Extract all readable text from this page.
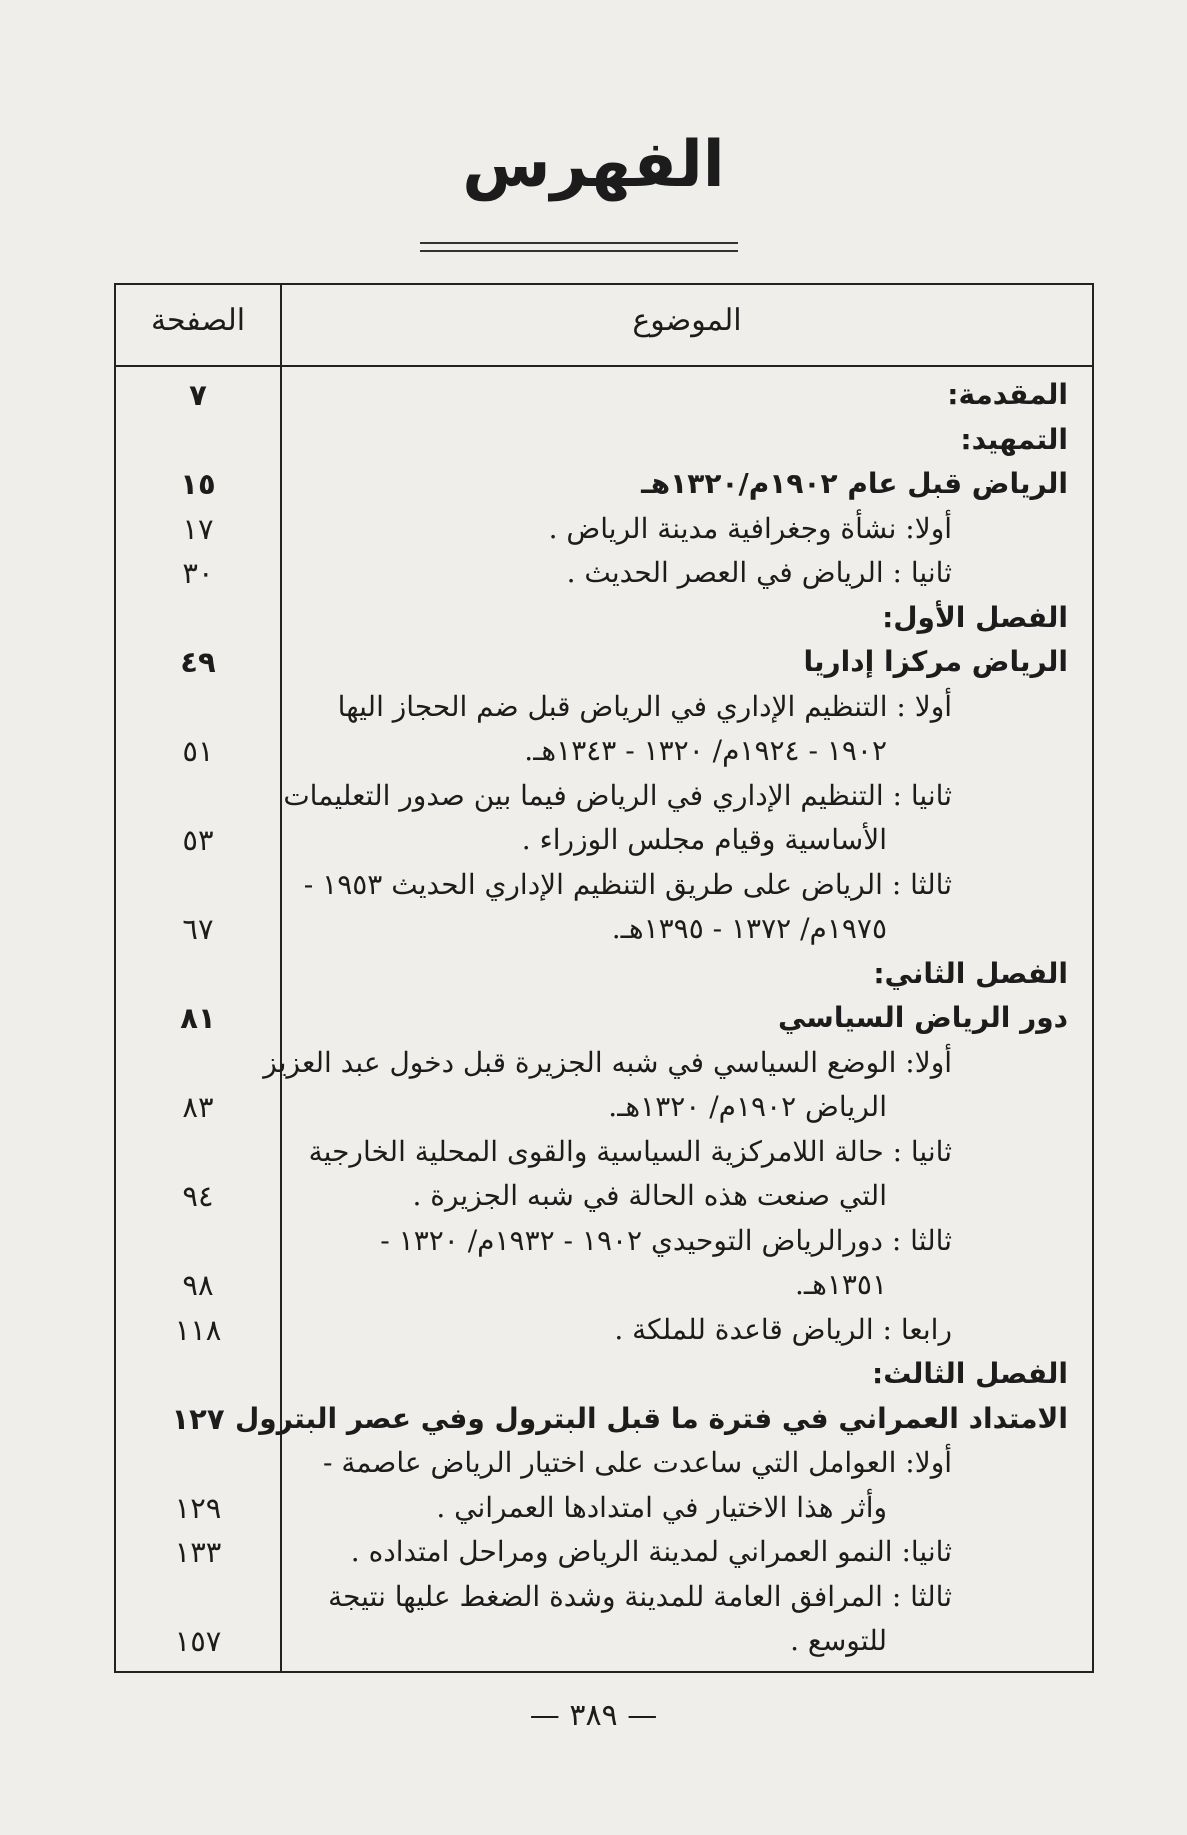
الفهرس
الموضوع
الصفحة
المقدمة:
٧
التمهيد:
الرياض قبل عام ١٩٠٢م/١٣٢٠هـ
١٥
أولا: نشأة وجغرافية مدينة الرياض .
١٧
ثانيا : الرياض في العصر الحديث .
٣٠
الفصل الأول:
الرياض مركزا إداريا
٤٩
أولا : التنظيم الإداري في الرياض قبل ضم الحجاز اليها
١٩٠٢ - ١٩٢٤م/ ١٣٢٠ - ١٣٤٣هـ.
٥١
ثانيا : التنظيم الإداري في الرياض فيما بين صدور التعليمات
الأساسية وقيام مجلس الوزراء .
٥٣
ثالثا : الرياض على طريق التنظيم الإداري الحديث ١٩٥٣ -
١٩٧٥م/ ١٣٧٢ - ١٣٩٥هـ.
٦٧
الفصل الثاني:
دور الرياض السياسي
٨١
أولا: الوضع السياسي في شبه الجزيرة قبل دخول عبد العزيز
الرياض ١٩٠٢م/ ١٣٢٠هـ.
٨٣
ثانيا : حالة اللامركزية السياسية والقوى المحلية الخارجية
التي صنعت هذه الحالة في شبه الجزيرة .
٩٤
ثالثا : دورالرياض التوحيدي ١٩٠٢ - ١٩٣٢م/ ١٣٢٠ -
١٣٥١هـ.
٩٨
رابعا : الرياض قاعدة للملكة .
١١٨
الفصل الثالث:
الامتداد العمراني في فترة ما قبل البترول وفي عصر البترول
١٢٧
أولا: العوامل التي ساعدت على اختيار الرياض عاصمة -
وأثر هذا الاختيار في امتدادها العمراني .
١٢٩
ثانيا: النمو العمراني لمدينة الرياض ومراحل امتداده .
١٣٣
ثالثا : المرافق العامة للمدينة وشدة الضغط عليها نتيجة
للتوسع .
١٥٧
— ٣٨٩ —
